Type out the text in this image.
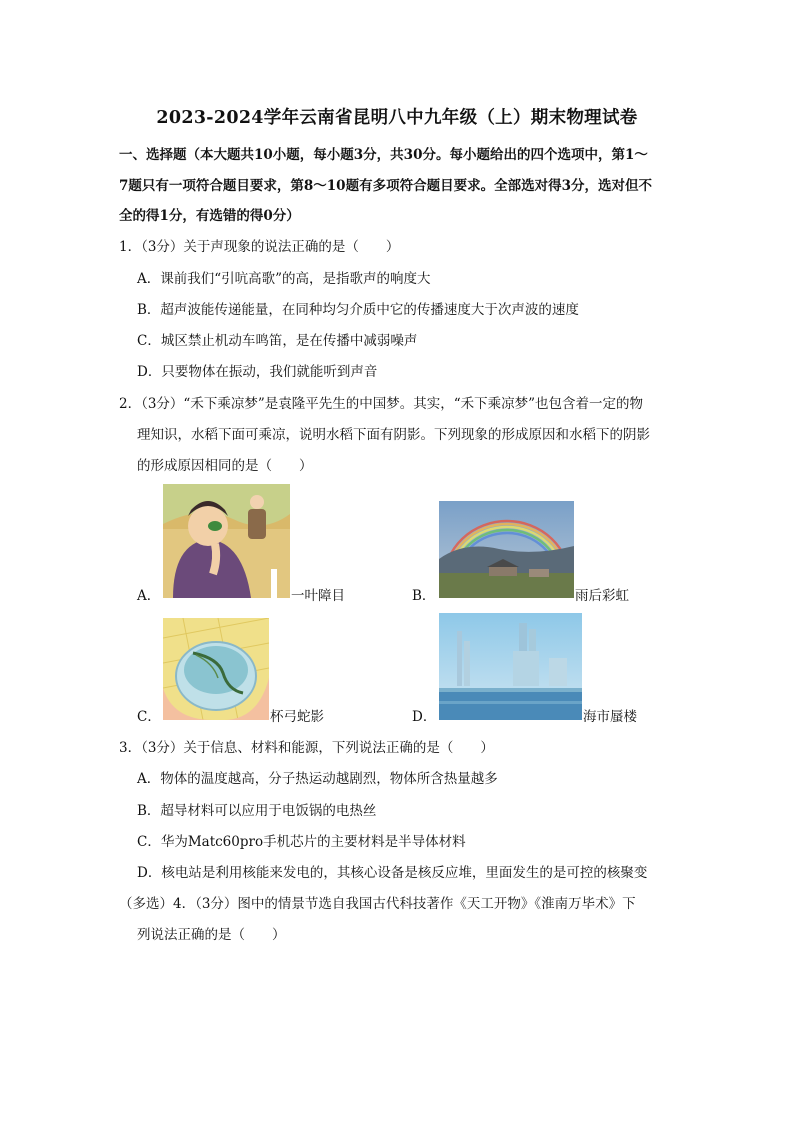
2023-2024学年云南省昆明八中九年级（上）期末物理试卷
一、选择题（本大题共10小题，每小题3分，共30分。每小题给出的四个选项中，第1～
7题只有一项符合题目要求，第8～10题有多项符合题目要求。全部选对得3分，选对但不
全的得1分，有选错的得0分）
1．（3分）关于声现象的说法正确的是（　　）
A．课前我们“引吭高歌”的高，是指歌声的响度大
B．超声波能传递能量，在同种均匀介质中它的传播速度大于次声波的速度
C．城区禁止机动车鸣笛，是在传播中减弱噪声
D．只要物体在振动，我们就能听到声音
2．（3分）“禾下乘凉梦”是袁隆平先生的中国梦。其实，“禾下乘凉梦”也包含着一定的物
理知识，水稻下面可乘凉，说明水稻下面有阴影。下列现象的形成原因和水稻下的阴影
的形成原因相同的是（　　）
A．	一叶障目	B．	雨后彩虹
C．	杯弓蛇影	D．	海市蜃楼
3．（3分）关于信息、材料和能源，下列说法正确的是（　　）
A．物体的温度越高，分子热运动越剧烈，物体所含热量越多
B．超导材料可以应用于电饭锅的电热丝
C．华为Matc60pro手机芯片的主要材料是半导体材料
D．核电站是利用核能来发电的，其核心设备是核反应堆，里面发生的是可控的核聚变
（多选）4．（3分）图中的情景节选自我国古代科技著作《天工开物》《淮南万毕术》下
列说法正确的是（　　）
